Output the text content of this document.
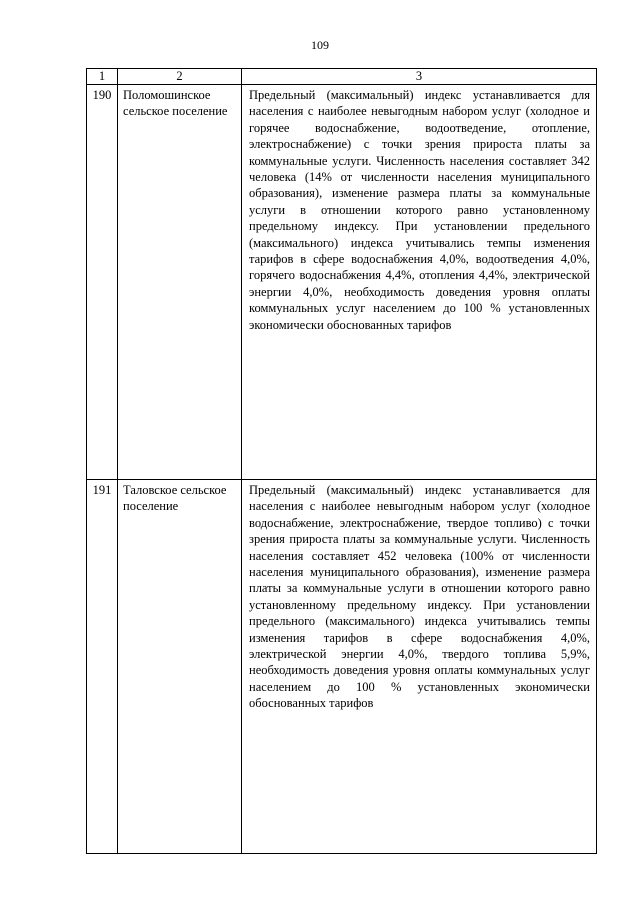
109
1	2	3
190	Поломошинское сельское поселение	Предельный (максимальный) индекс устанавливается для населения с наиболее невыгодным набором услуг (холодное и горячее водоснабжение, водоотведение, отопление, электроснабжение) с точки зрения прироста платы за коммунальные услуги. Численность населения составляет 342 человека (14% от численности населения муниципального образования), изменение размера платы за коммунальные услуги в отношении которого равно установленному предельному индексу. При установлении предельного (максимального) индекса учитывались темпы изменения тарифов в сфере водоснабжения 4,0%, водоотведения 4,0%, горячего водоснабжения 4,4%, отопления 4,4%, электрической энергии 4,0%, необходимость доведения уровня оплаты коммунальных услуг населением до 100 % установленных экономически обоснованных тарифов
191	Таловское сельское поселение	Предельный (максимальный) индекс устанавливается для населения с наиболее невыгодным набором услуг (холодное водоснабжение, электроснабжение, твердое топливо) с точки зрения прироста платы за коммунальные услуги. Численность населения составляет 452 человека (100% от численности населения муниципального образования), изменение размера платы за коммунальные услуги в отношении которого равно установленному предельному индексу. При установлении предельного (максимального) индекса учитывались темпы изменения тарифов в сфере водоснабжения 4,0%, электрической энергии 4,0%, твердого топлива 5,9%, необходимость доведения уровня оплаты коммунальных услуг населением до 100 % установленных экономически обоснованных тарифов
